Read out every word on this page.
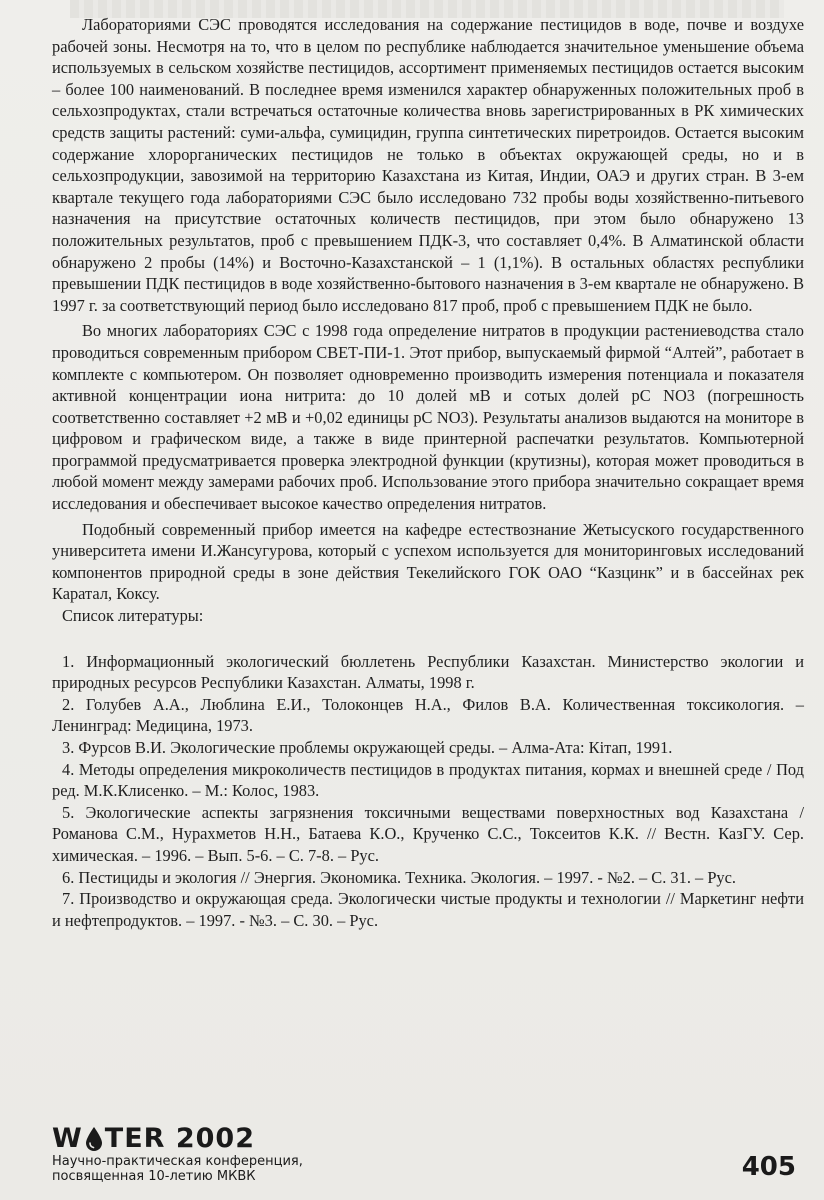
Лабораториями СЭС проводятся исследования на содержание пестицидов в воде, почве и воздухе рабочей зоны. Несмотря на то, что в целом по республике наблюдается значительное уменьшение объема используемых в сельском хозяйстве пестицидов, ассортимент применяемых пестицидов остается высоким – более 100 наименований. В последнее время изменился характер обнаруженных положительных проб в сельхозпродуктах, стали встречаться остаточные количества вновь зарегистрированных в РК химических средств защиты растений: суми-альфа, сумицидин, группа синтетических пиретроидов. Остается высоким содержание хлорорганических пестицидов не только в объектах окружающей среды, но и в сельхозпродукции, завозимой на территорию Казахстана из Китая, Индии, ОАЭ и других стран. В 3-ем квартале текущего года лабораториями СЭС было исследовано 732 пробы воды хозяйственно-питьевого назначения на присутствие остаточных количеств пестицидов, при этом было обнаружено 13 положительных результатов, проб с превышением ПДК-3, что составляет 0,4%. В Алматинской области обнаружено 2 пробы (14%) и Восточно-Казахстанской – 1 (1,1%). В остальных областях республики превышении ПДК пестицидов в воде хозяйственно-бытового назначения в 3-ем квартале не обнаружено. В 1997 г. за соответствующий период было исследовано 817 проб, проб с превышением ПДК не было.

Во многих лабораториях СЭС с 1998 года определение нитратов в продукции растениеводства стало проводиться современным прибором СВЕТ-ПИ-1. Этот прибор, выпускаемый фирмой “Алтей”, работает в комплекте с компьютером. Он позволяет одновременно производить измерения потенциала и показателя активной концентрации иона нитрита: до 10 долей мВ и сотых долей рС NO3 (погрешность соответственно составляет +2 мВ и +0,02 единицы рС NO3). Результаты анализов выдаются на мониторе в цифровом и графическом виде, а также в виде принтерной распечатки результатов. Компьютерной программой предусматривается проверка электродной функции (крутизны), которая может проводиться в любой момент между замерами рабочих проб. Использование этого прибора значительно сокращает время исследования и обеспечивает высокое качество определения нитратов.

Подобный современный прибор имеется на кафедре естествознание Жетысуского государственного университета имени И.Жансугурова, который с успехом используется для мониторинговых исследований компонентов природной среды в зоне действия Текелийского ГОК ОАО “Казцинк” и в бассейнах рек Каратал, Коксу.

Список литературы:

1. Информационный экологический бюллетень Республики Казахстан. Министерство экологии и природных ресурсов Республики Казахстан. Алматы, 1998 г.

2. Голубев А.А., Люблина Е.И., Толоконцев Н.А., Филов В.А. Количественная токсикология. – Ленинград: Медицина, 1973.

3. Фурсов В.И. Экологические проблемы окружающей среды. – Алма-Ата: Кітап, 1991.

4. Методы определения микроколичеств пестицидов в продуктах питания, кормах и внешней среде / Под ред. М.К.Клисенко. – М.: Колос, 1983.

5. Экологические аспекты загрязнения токсичными веществами поверхностных вод Казахстана / Романова С.М., Нурахметов Н.Н., Батаева К.О., Крученко С.С., Токсеитов К.К. // Вестн. КазГУ. Сер. химическая. – 1996. – Вып. 5-6. – С. 7-8. – Рус.

6. Пестициды и экология // Энергия. Экономика. Техника. Экология. – 1997. - №2. – С. 31. – Рус.

7. Производство и окружающая среда. Экологически чистые продукты и технологии // Маркетинг нефти и нефтепродуктов. – 1997. - №3. – С. 30. – Рус.

W TER 2002
Научно-практическая конференция,
посвященная 10-летию МКВК	405
